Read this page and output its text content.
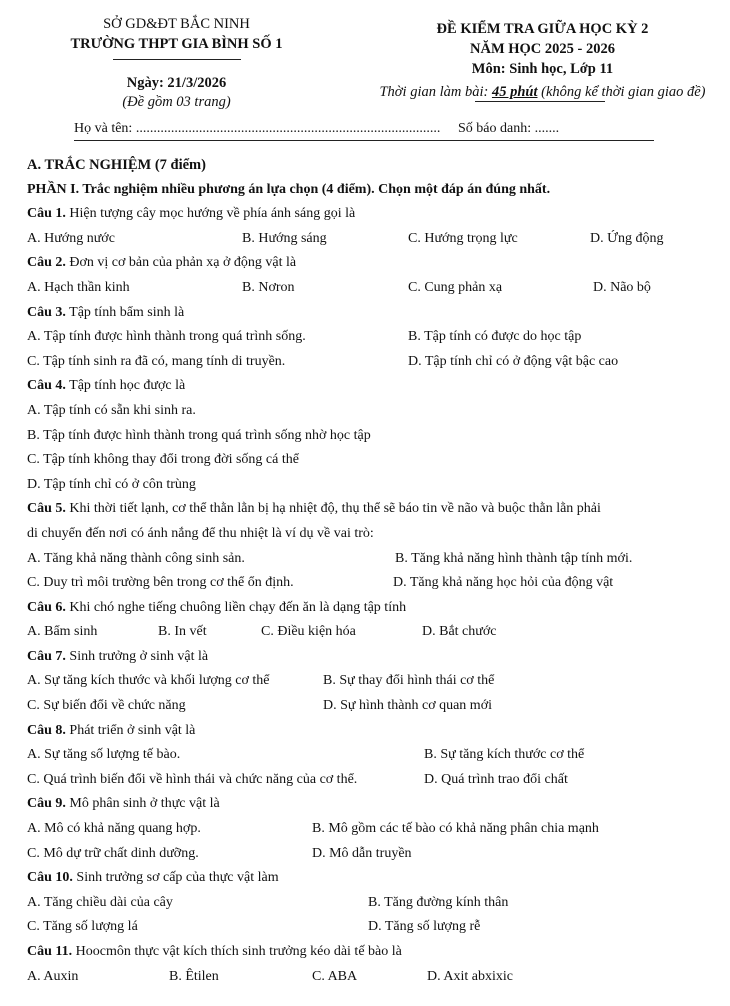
SỞ GD&ĐT BẮC NINH
TRƯỜNG THPT GIA BÌNH SỐ 1
Ngày: 21/3/2026
(Đề gồm 03 trang)
ĐỀ KIỂM TRA GIỮA HỌC KỲ 2
NĂM HỌC 2025 - 2026
Môn: Sinh học, Lớp 11
Thời gian làm bài: 45 phút (không kể thời gian giao đề)
Họ và tên: ....................................................................................... Số báo danh: .......
A. TRẮC NGHIỆM (7 điểm)
PHẦN I. Trắc nghiệm nhiều phương án lựa chọn (4 điểm). Chọn một đáp án đúng nhất.
Câu 1. Hiện tượng cây mọc hướng về phía ánh sáng gọi là
A. Hướng nước	B. Hướng sáng	C. Hướng trọng lực	D. Ứng động
Câu 2. Đơn vị cơ bản của phản xạ ở động vật là
A. Hạch thần kinh	B. Nơron	C. Cung phản xạ	D. Não bộ
Câu 3. Tập tính bẩm sinh là
A. Tập tính được hình thành trong quá trình sống.	B. Tập tính có được do học tập
C. Tập tính sinh ra đã có, mang tính di truyền.	D. Tập tính chỉ có ở động vật bậc cao
Câu 4. Tập tính học được là
A. Tập tính có sẵn khi sinh ra.
B. Tập tính được hình thành trong quá trình sống nhờ học tập
C. Tập tính không thay đổi trong đời sống cá thể
D. Tập tính chỉ có ở côn trùng
Câu 5. Khi thời tiết lạnh, cơ thể thằn lằn bị hạ nhiệt độ, thụ thể sẽ báo tin về não và buộc thằn lằn phải
di chuyển đến nơi có ánh nắng để thu nhiệt là ví dụ về vai trò:
A. Tăng khả năng thành công sinh sản.	B. Tăng khả năng hình thành tập tính mới.
C. Duy trì môi trường bên trong cơ thể ổn định.	D. Tăng khả năng học hỏi của động vật
Câu 6. Khi chó nghe tiếng chuông liền chạy đến ăn là dạng tập tính
A. Bẩm sinh	B. In vết	C. Điều kiện hóa	D. Bắt chước
Câu 7. Sinh trưởng ở sinh vật là
A. Sự tăng kích thước và khối lượng cơ thể	B. Sự thay đổi hình thái cơ thể
C. Sự biến đổi về chức năng	D. Sự hình thành cơ quan mới
Câu 8. Phát triển ở sinh vật là
A. Sự tăng số lượng tế bào.	B. Sự tăng kích thước cơ thể
C. Quá trình biến đổi về hình thái và chức năng của cơ thể.	D. Quá trình trao đổi chất
Câu 9. Mô phân sinh ở thực vật là
A. Mô có khả năng quang hợp.	B. Mô gồm các tế bào có khả năng phân chia mạnh
C. Mô dự trữ chất dinh dưỡng.	D. Mô dẫn truyền
Câu 10. Sinh trưởng sơ cấp của thực vật làm
A. Tăng chiều dài của cây	B. Tăng đường kính thân
C. Tăng số lượng lá	D. Tăng số lượng rễ
Câu 11. Hoocmôn thực vật kích thích sinh trưởng kéo dài tế bào là
A. Auxin	B. Êtilen	C. ABA	D. Axit abxixic
